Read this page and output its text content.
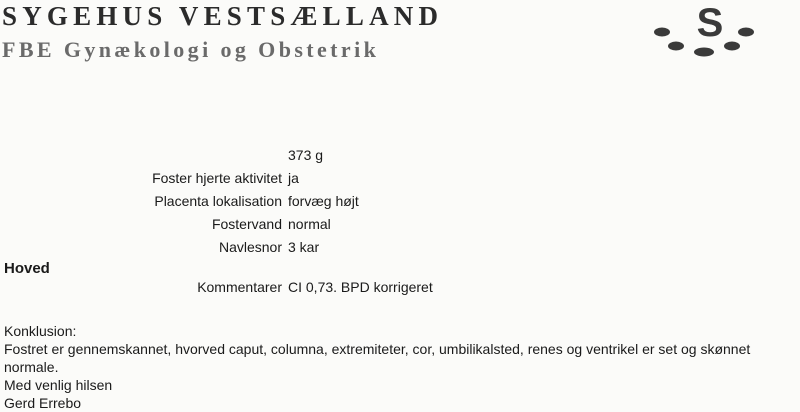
SYGEHUS VESTSÆLLAND
FBE Gynækologi og Obstetrik
S
373 g
Foster hjerte aktivitet ja
Placenta lokalisation forvæg højt
Fostervand normal
Navlesnor 3 kar
Hoved
Kommentarer CI 0,73. BPD korrigeret
Konklusion:
Fostret er gennemskannet, hvorved caput, columna, extremiteter, cor, umbilikalsted, renes og ventrikel er set og skønnet
normale.
Med venlig hilsen
Gerd Errebo
